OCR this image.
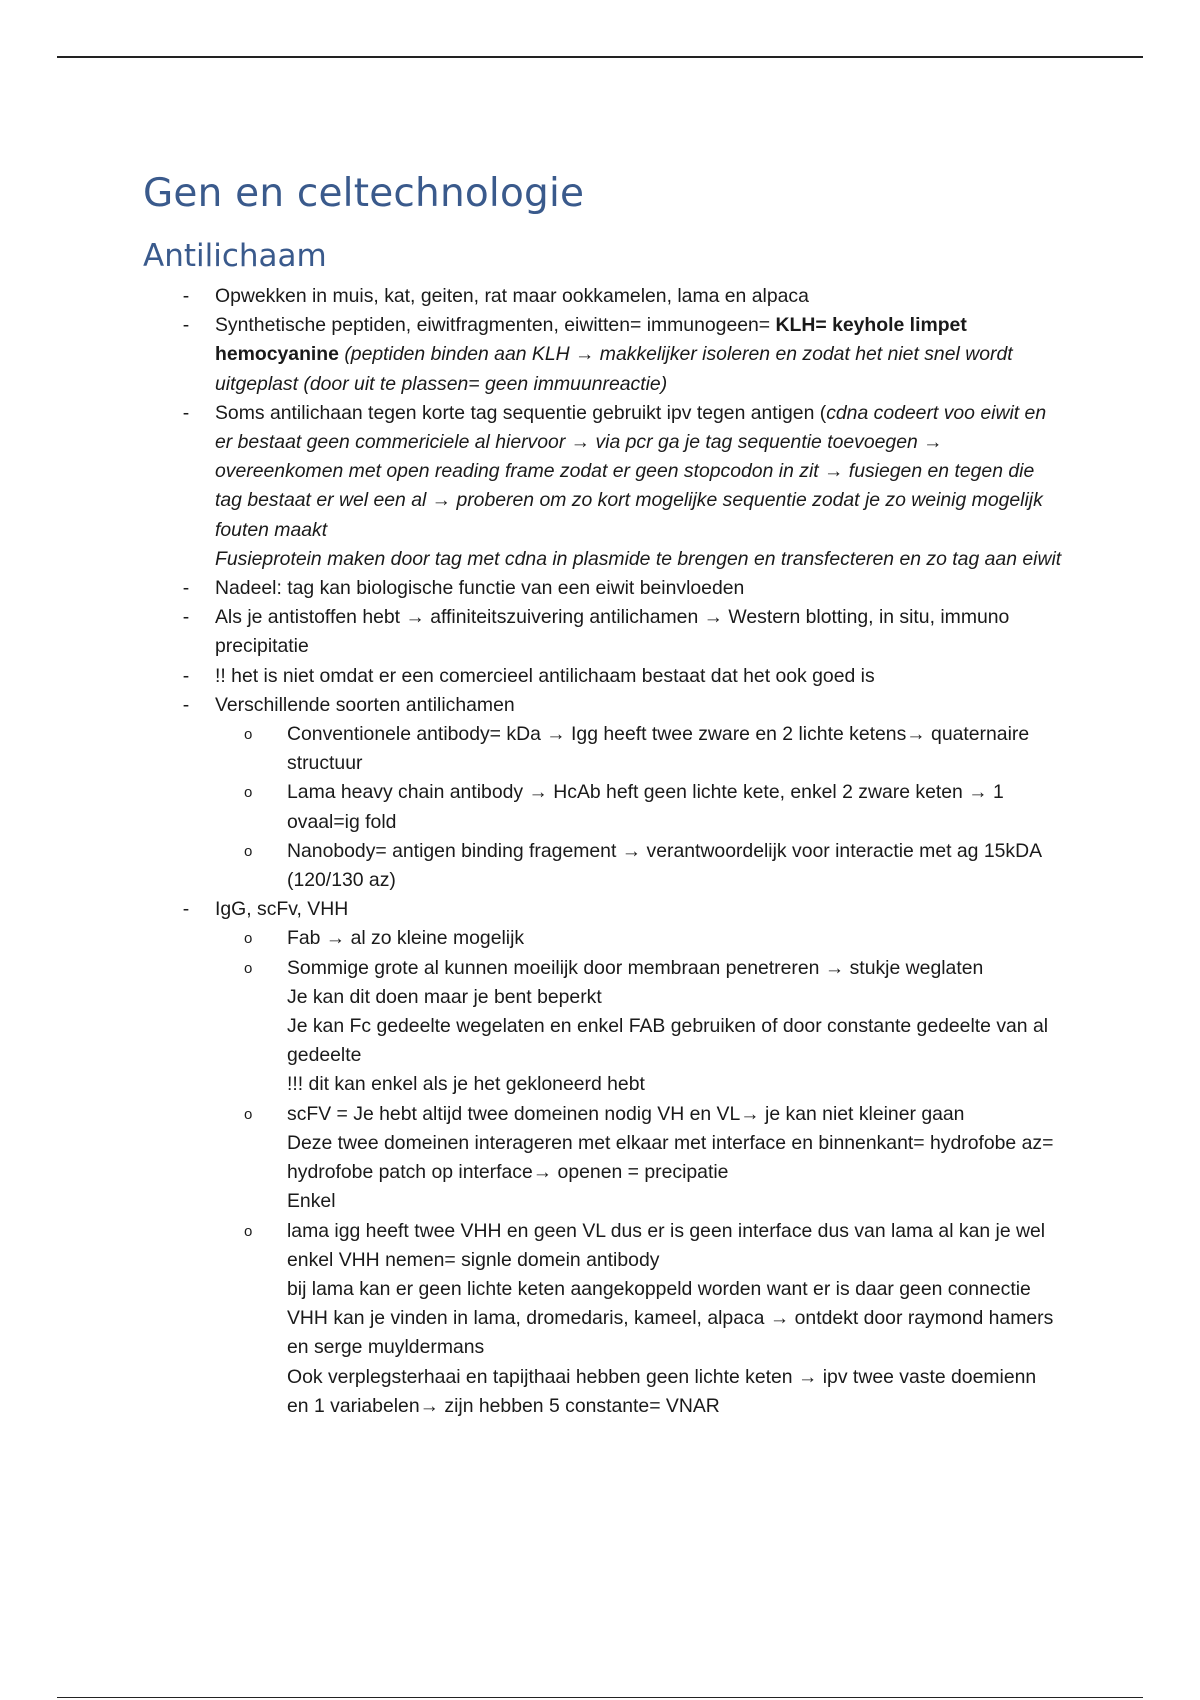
Gen en celtechnologie
Antilichaam
- Opwekken in muis, kat, geiten, rat maar ookkamelen, lama en alpaca
- Synthetische peptiden, eiwitfragmenten, eiwitten= immunogeen= KLH= keyhole limpet hemocyanine (peptiden binden aan KLH → makkelijker isoleren en zodat het niet snel wordt uitgeplast (door uit te plassen= geen immuunreactie)
- Soms antilichaan tegen korte tag sequentie gebruikt ipv tegen antigen (cdna codeert voo eiwit en er bestaat geen commericiele al hiervoor → via pcr ga je tag sequentie toevoegen → overeenkomen met open reading frame zodat er geen stopcodon in zit → fusiegen en tegen die tag bestaat er wel een al → proberen om zo kort mogelijke sequentie zodat je zo weinig mogelijk fouten maakt
Fusieprotein maken door tag met cdna in plasmide te brengen en transfecteren en zo tag aan eiwit
- Nadeel: tag kan biologische functie van een eiwit beinvloeden
- Als je antistoffen hebt → affiniteitszuivering antilichamen → Western blotting, in situ, immuno precipitatie
- !! het is niet omdat er een comercieel antilichaam bestaat dat het ook goed is
- Verschillende soorten antilichamen
o Conventionele antibody= kDa → Igg heeft twee zware en 2 lichte ketens→ quaternaire structuur
o Lama heavy chain antibody → HcAb heft geen lichte kete, enkel 2 zware keten → 1 ovaal=ig fold
o Nanobody= antigen binding fragement → verantwoordelijk voor interactie met ag 15kDA (120/130 az)
- IgG, scFv, VHH
o Fab → al zo kleine mogelijk
o Sommige grote al kunnen moeilijk door membraan penetreren → stukje weglaten
Je kan dit doen maar je bent beperkt
Je kan Fc gedeelte wegelaten en enkel FAB gebruiken of door constante gedeelte van al gedeelte
!!! dit kan enkel als je het gekloneerd hebt
o scFV = Je hebt altijd twee domeinen nodig VH en VL→ je kan niet kleiner gaan
Deze twee domeinen interageren met elkaar met interface en binnenkant= hydrofobe az= hydrofobe patch op interface→ openen = precipatie
Enkel
o lama igg heeft twee VHH en geen VL dus er is geen interface dus van lama al kan je wel enkel VHH nemen= signle domein antibody
bij lama kan er geen lichte keten aangekoppeld worden want er is daar geen connectie
VHH kan je vinden in lama, dromedaris, kameel, alpaca → ontdekt door raymond hamers en serge muyldermans
Ook verplegsterhaai en tapijthaai hebben geen lichte keten → ipv twee vaste doemienn en 1 variabelen→ zijn hebben 5 constante= VNAR
